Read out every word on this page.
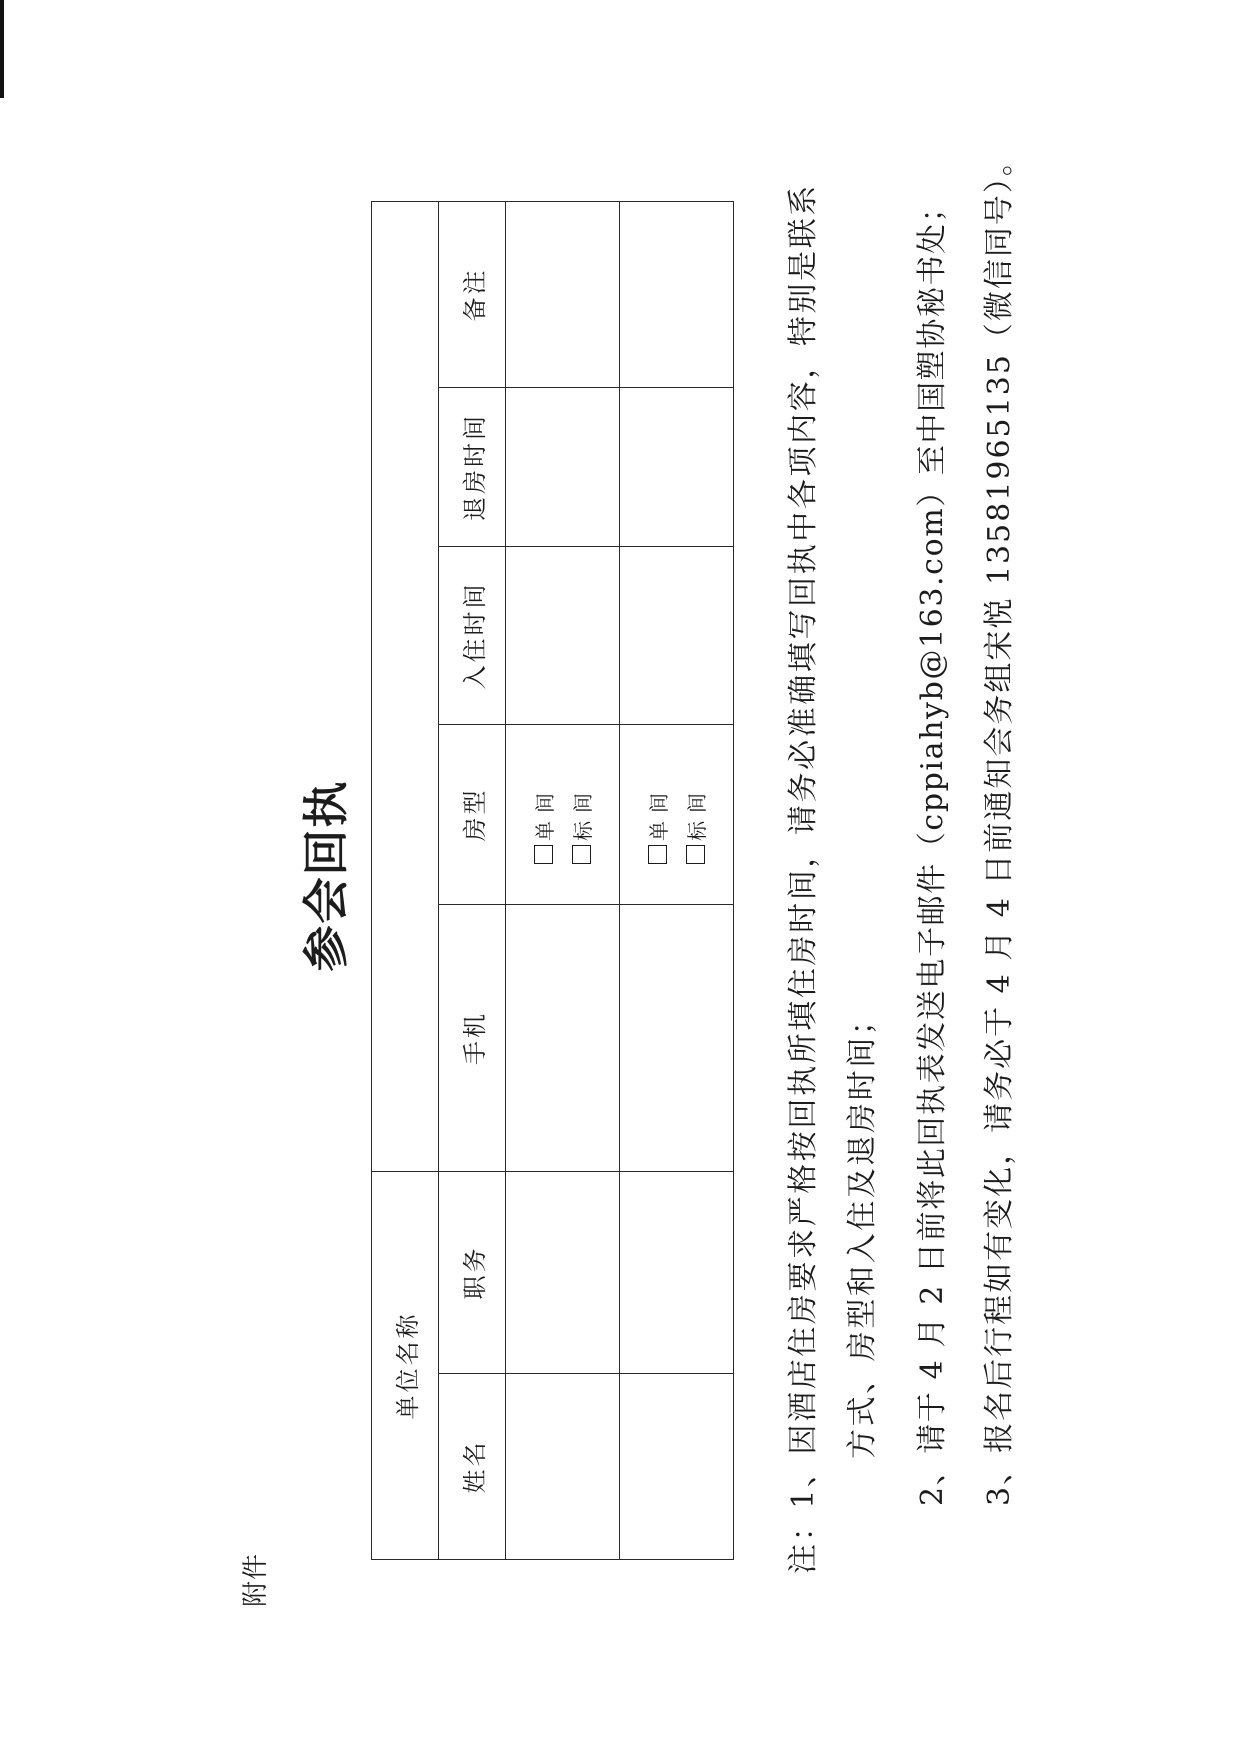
附件
参会回执
单位名称						
姓名	职务	手机	房型	入住时间	退房时间	备注

			单间 标间			

			单间 标间			

注：1、因酒店住房要求严格按回执所填住房时间，请务必准确填写回执中各项内容，特别是联系 方式、房型和入住及退房时间；
2、请于 4 月 2 日前将此回执表发送电子邮件（cppiahyb@163.com）至中国塑协秘书处；
3、报名后行程如有变化，请务必于 4 月 4 日前通知会务组宋悦 13581965135（微信同号）。
